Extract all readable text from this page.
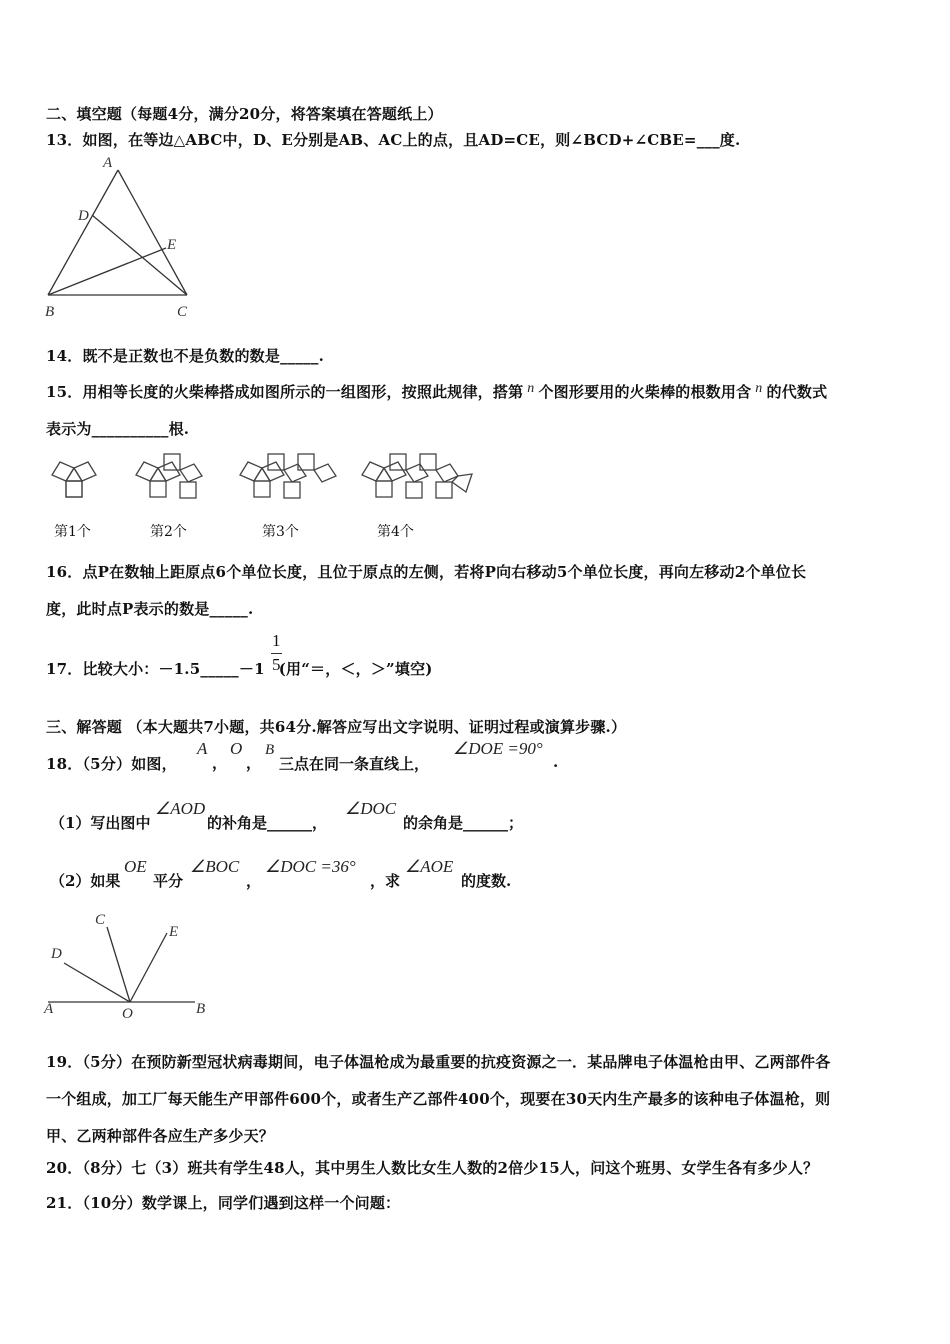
二、填空题（每题4分，满分20分，将答案填在答题纸上）
13．如图，在等边△ABC中，D、E分别是AB、AC上的点，且AD=CE，则∠BCD+∠CBE=___度.
A
B	C
D
E
14．既不是正数也不是负数的数是_____.
15．用相等长度的火柴棒搭成如图所示的一组图形，按照此规律，搭第 n 个图形要用的火柴棒的根数用含 n 的代数式
表示为__________根.
第1个	第2个	第3个	第4个
16．点P在数轴上距原点6个单位长度，且位于原点的左侧，若将P向右移动5个单位长度，再向左移动2个单位长
度，此时点P表示的数是_____.
17．比较大小：－1.5_____－1 (用“＝，＜，＞”填空)
1
5
三、解答题 （本大题共7小题，共64分.解答应写出文字说明、证明过程或演算步骤.）
18．（5分）如图，
A
，
O
，
B
三点在同一条直线上，
∠DOE =90°
.
（1）写出图中
∠AOD
的补角是______，
∠DOC
的余角是______；
（2）如果
OE
平分
∠BOC
，
∠DOC =36°
，求
∠AOE
的度数.
A	B
C
D
E
O
19．（5分）在预防新型冠状病毒期间，电子体温枪成为最重要的抗疫资源之一．某品牌电子体温枪由甲、乙两部件各
一个组成，加工厂每天能生产甲部件600个，或者生产乙部件400个，现要在30天内生产最多的该种电子体温枪，则
甲、乙两种部件各应生产多少天？
20．（8分）七（3）班共有学生48人，其中男生人数比女生人数的2倍少15人，问这个班男、女学生各有多少人？
21．（10分）数学课上，同学们遇到这样一个问题：
